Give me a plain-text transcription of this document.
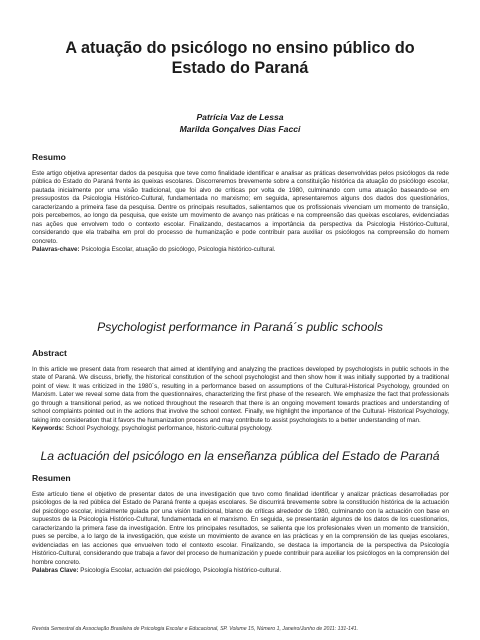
A atuação do psicólogo no ensino público do
Estado do Paraná
Patrícia Vaz de Lessa
Marilda Gonçalves Dias Facci
Resumo
Este artigo objetiva apresentar dados da pesquisa que teve como finalidade identificar e analisar as práticas desenvolvidas pelos psicólogos da rede pública do Estado do Paraná frente às queixas escolares. Discorreremos brevemente sobre a constituição histórica da atuação do psicólogo escolar, pautada inicialmente por uma visão tradicional, que foi alvo de críticas por volta de 1980, culminando com uma atuação baseando-se em pressupostos da Psicologia Histórico-Cultural, fundamentada no marxismo; em seguida, apresentaremos alguns dos dados dos questionários, caracterizando a primeira fase da pesquisa. Dentre os principais resultados, salientamos que os profissionais vivenciam um momento de transição, pois percebemos, ao longo da pesquisa, que existe um movimento de avanço nas práticas e na compreensão das queixas escolares, evidenciadas nas ações que envolvem todo o contexto escolar. Finalizando, destacamos a importância da perspectiva da Psicologia Histórico-Cultural, considerando que ela trabalha em prol do processo de humanização e pode contribuir para auxiliar os psicólogos na compreensão do homem concreto.
Palavras-chave: Psicologia Escolar, atuação do psicólogo, Psicologia histórico-cultural.
Psychologist performance in Paraná´s public schools
Abstract
In this article we present data from research that aimed at identifying and analyzing the practices developed by psychologists in public schools in the state of Paraná. We discuss, briefly, the historical constitution of the school psychologist and then show how it was initially supported by a traditional point of view. It was criticized in the 1980´s, resulting in a performance based on assumptions of the Cultural-Historical Psychology, grounded on Marxism. Later we reveal some data from the questionnaires, characterizing the first phase of the research. We emphasize the fact that professionals go through a transitional period, as we noticed throughout the research that there is an ongoing movement towards practices and understanding of school complaints pointed out in the actions that involve the school context. Finally, we highlight the importance of the Cultural- Historical Psychology, taking into consideration that it favors the humanization process and may contribute to assist psychologists to a better understanding of man.
Keywords: School Psychology, psychologist performance, historic-cultural psychology.
La actuación del psicólogo en la enseñanza pública del Estado de Paraná
Resumen
Este artículo tiene el objetivo de presentar datos de una investigación que tuvo como finalidad identificar y analizar prácticas desarrolladas por psicólogos de la red pública del Estado de Paraná frente a quejas escolares. Se discurrirá brevemente sobre la constitución histórica de la actuación del psicólogo escolar, inicialmente guiada por una visión tradicional, blanco de críticas alrededor de 1980, culminando con la actuación con base en supuestos de la Psicología Histórico-Cultural, fundamentada en el marxismo. En seguida, se presentarán algunos de los datos de los cuestionarios, caracterizando la primera fase da investigación. Entre los principales resultados, se salienta que los profesionales viven un momento de transición, pues se percibe, a lo largo de la investigación, que existe un movimiento de avance en las prácticas y en la comprensión de las quejas escolares, evidenciadas en las acciones que envuelven todo el contexto escolar. Finalizando, se destaca la importancia de la perspectiva da Psicología Histórico-Cultural, considerando que trabaja a favor del proceso de humanización y puede contribuir para auxiliar los psicólogos en la comprensión del hombre concreto.
Palabras Clave: Psicología Escolar, actuación del psicólogo, Psicología histórico-cultural.
Revista Semestral da Associação Brasileira de Psicologia Escolar e Educacional, SP. Volume 15, Número 1, Janeiro/Junho de 2011: 131-141.
